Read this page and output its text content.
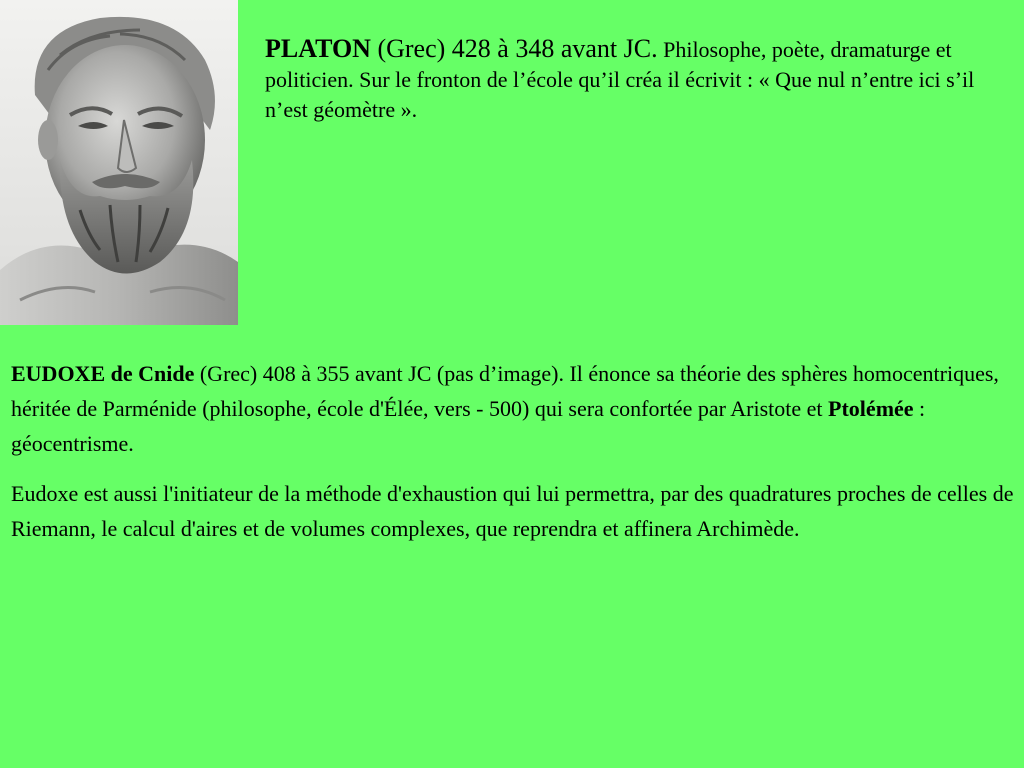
PLATON (Grec) 428 à 348 avant JC. Philosophe, poète, dramaturge et politicien. Sur le fronton de l’école qu’il créa il écrivit : « Que nul n’entre ici s’il n’est géomètre ».

EUDOXE de Cnide (Grec) 408 à 355 avant JC (pas d’image). Il énonce sa théorie des sphères homocentriques, héritée de Parménide (philosophe, école d'Élée, vers - 500) qui sera confortée par Aristote et Ptolémée : géocentrisme.

Eudoxe est aussi l'initiateur de la méthode d'exhaustion qui lui permettra, par des quadratures proches de celles de Riemann, le calcul d'aires et de volumes complexes, que reprendra et affinera Archimède.
